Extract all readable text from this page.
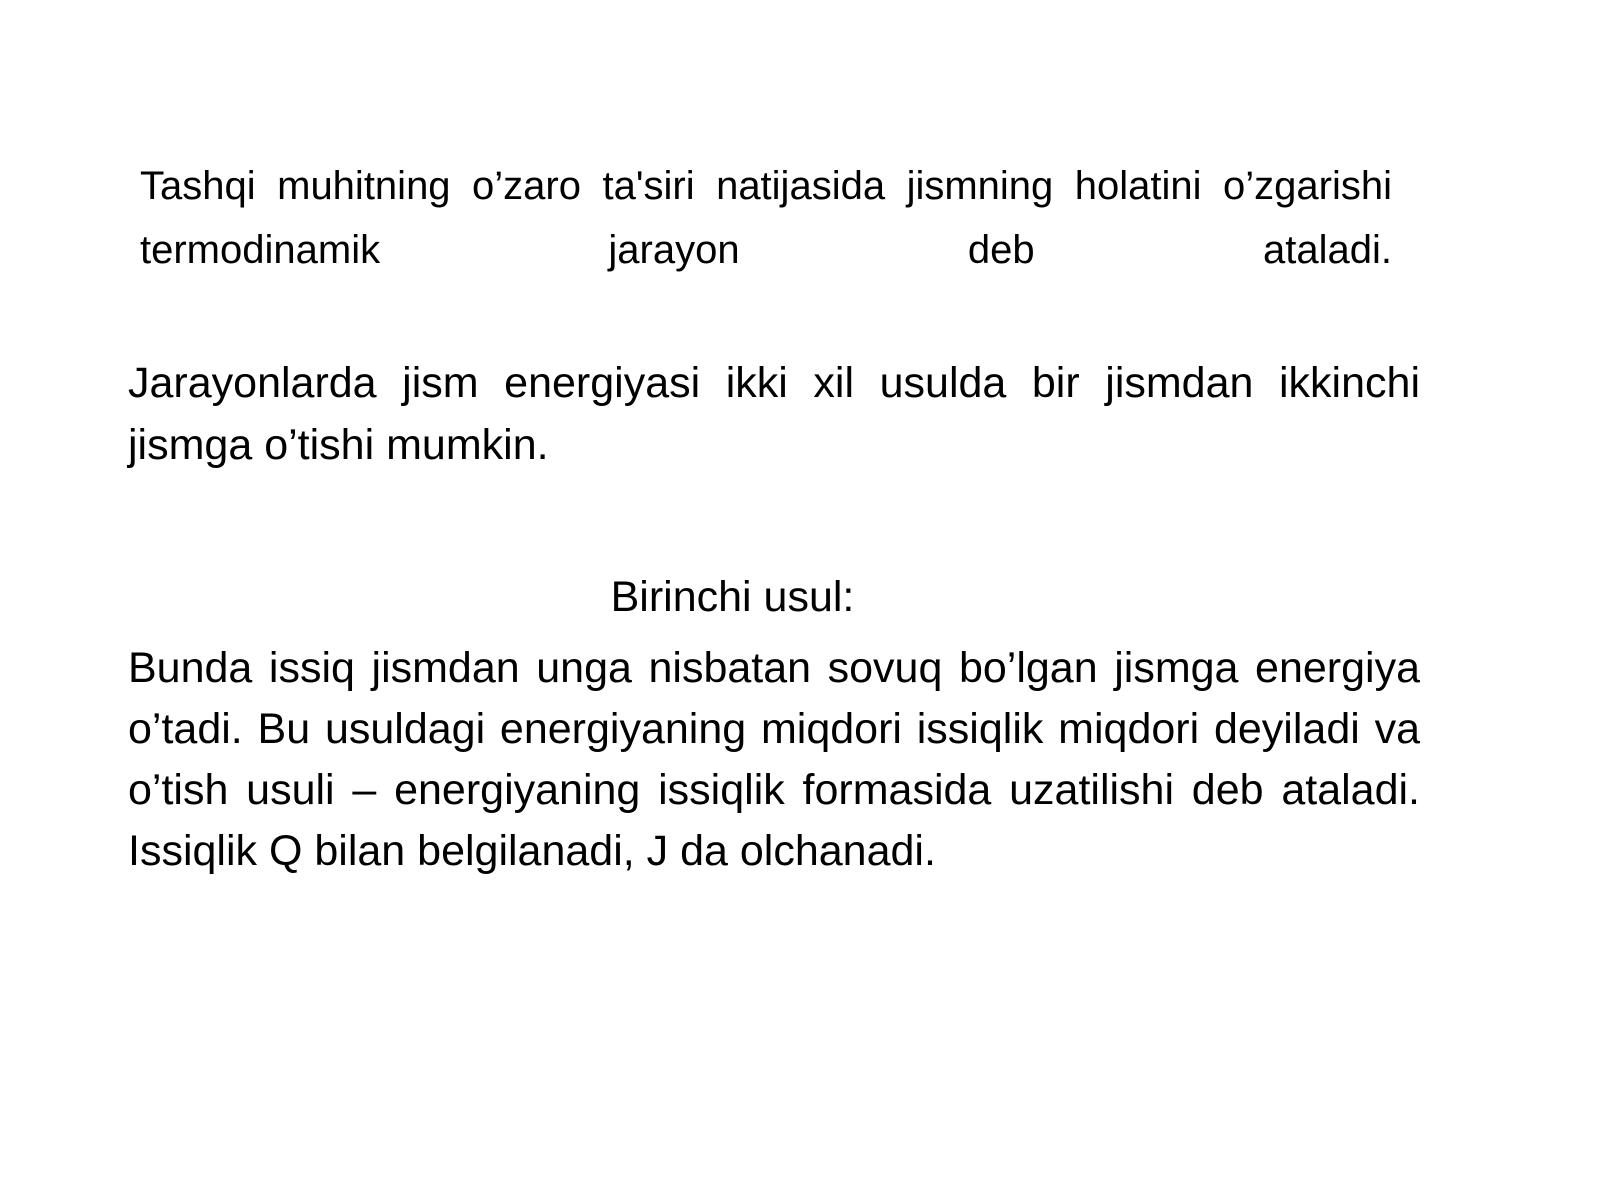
Tashqi muhitning o’zaro ta'siri natijasida jismning holatini o’zgarishi termodinamik jarayon deb ataladi.

Jarayonlarda jism energiyasi ikki xil usulda bir jismdan ikkinchi jismga o’tishi mumkin.

Birinchi usul:

Bunda issiq jismdan unga nisbatan sovuq bo’lgan jismga energiya o’tadi. Bu usuldagi energiyaning miqdori issiqlik miqdori deyiladi va o’tish usuli – energiyaning issiqlik formasida uzatilishi deb ataladi. Issiqlik Q bilan belgilanadi, J da olchanadi.
